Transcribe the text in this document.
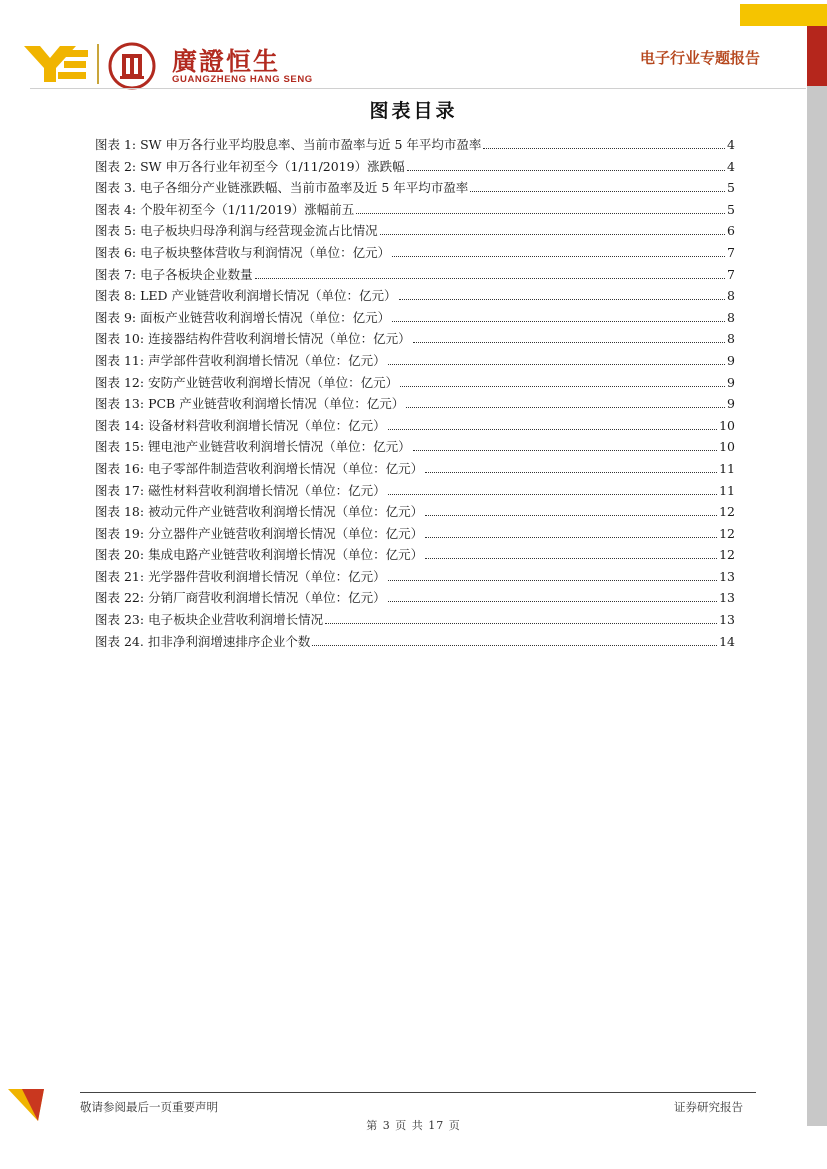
廣證恒生
GUANGZHENG HANG SENG
电子行业专题报告
图表目录
图表 1: SW 申万各行业平均股息率、当前市盈率与近 5 年平均市盈率	4
图表 2: SW 申万各行业年初至今（1/11/2019）涨跌幅	4
图表 3. 电子各细分产业链涨跌幅、当前市盈率及近 5 年平均市盈率	5
图表 4: 个股年初至今（1/11/2019）涨幅前五	5
图表 5: 电子板块归母净利润与经营现金流占比情况	6
图表 6: 电子板块整体营收与利润情况（单位：亿元）	7
图表 7: 电子各板块企业数量	7
图表 8: LED 产业链营收利润增长情况（单位：亿元）	8
图表 9: 面板产业链营收利润增长情况（单位：亿元）	8
图表 10: 连接器结构件营收利润增长情况（单位：亿元）	8
图表 11: 声学部件营收利润增长情况（单位：亿元）	9
图表 12: 安防产业链营收利润增长情况（单位：亿元）	9
图表 13: PCB 产业链营收利润增长情况（单位：亿元）	9
图表 14: 设备材料营收利润增长情况（单位：亿元）	10
图表 15: 锂电池产业链营收利润增长情况（单位：亿元）	10
图表 16: 电子零部件制造营收利润增长情况（单位：亿元）	11
图表 17: 磁性材料营收利润增长情况（单位：亿元）	11
图表 18: 被动元件产业链营收利润增长情况（单位：亿元）	12
图表 19: 分立器件产业链营收利润增长情况（单位：亿元）	12
图表 20: 集成电路产业链营收利润增长情况（单位：亿元）	12
图表 21: 光学器件营收利润增长情况（单位：亿元）	13
图表 22: 分销厂商营收利润增长情况（单位：亿元）	13
图表 23: 电子板块企业营收利润增长情况	13
图表 24. 扣非净利润增速排序企业个数	14
敬请参阅最后一页重要声明	证券研究报告
第 3 页 共 17 页
